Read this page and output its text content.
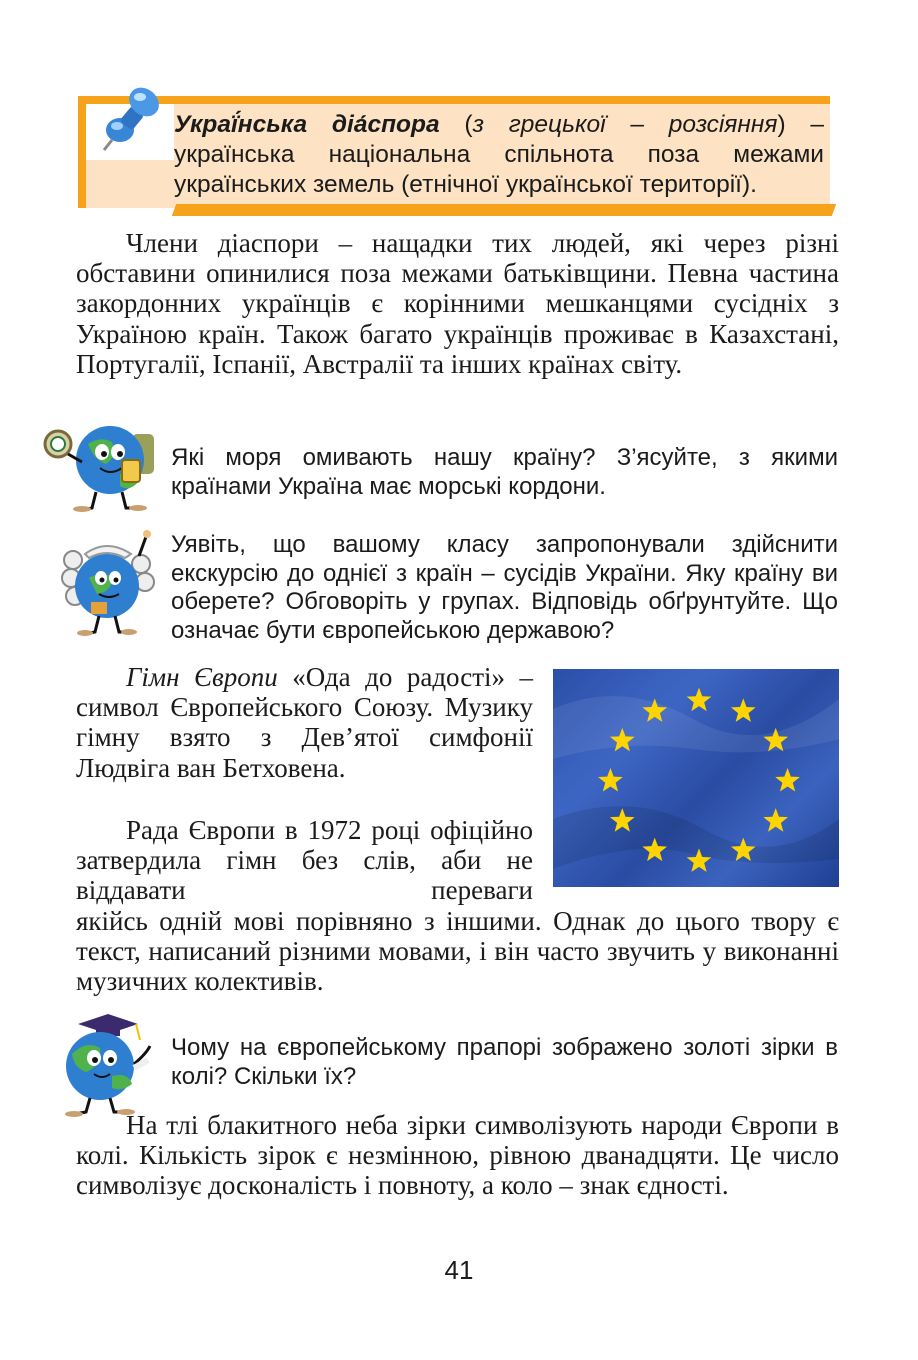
Украї́нська діа́спора (з грецької – розсіяння) – українська національна спільнота поза межами українських земель (етнічної української території).

Члени діаспори – нащадки тих людей, які через різні обставини опинилися поза межами батьківщини. Певна частина закордонних українців є корінними мешканцями сусідніх з Україною країн. Також багато українців проживає в Казахстані, Португалії, Іспанії, Австралії та інших країнах світу.

Які моря омивають нашу країну? З’ясуйте, з якими країнами Україна має морські кордони.

Уявіть, що вашому класу запропонували здійснити екскурсію до однієї з країн – сусідів України. Яку країну ви оберете? Обговоріть у групах. Відповідь обґрунтуйте. Що означає бути європейською державою?

Гімн Європи «Ода до радості» – символ Європейського Союзу. Музику гімну взято з Дев’ятої симфонії Людвіга ван Бетховена.

Рада Європи в 1972 році офіційно затвердила гімн без слів, аби не віддавати переваги

якійсь одній мові порівняно з іншими. Однак до цього твору є текст, написаний різними мовами, і він часто звучить у виконанні музичних колективів.

Чому на європейському прапорі зображено золоті зірки в колі? Скільки їх?

На тлі блакитного неба зірки символізують народи Європи в колі. Кількість зірок є незмінною, рівною дванадцяти. Це число символізує досконалість і повноту, а коло – знак єдності.

41
